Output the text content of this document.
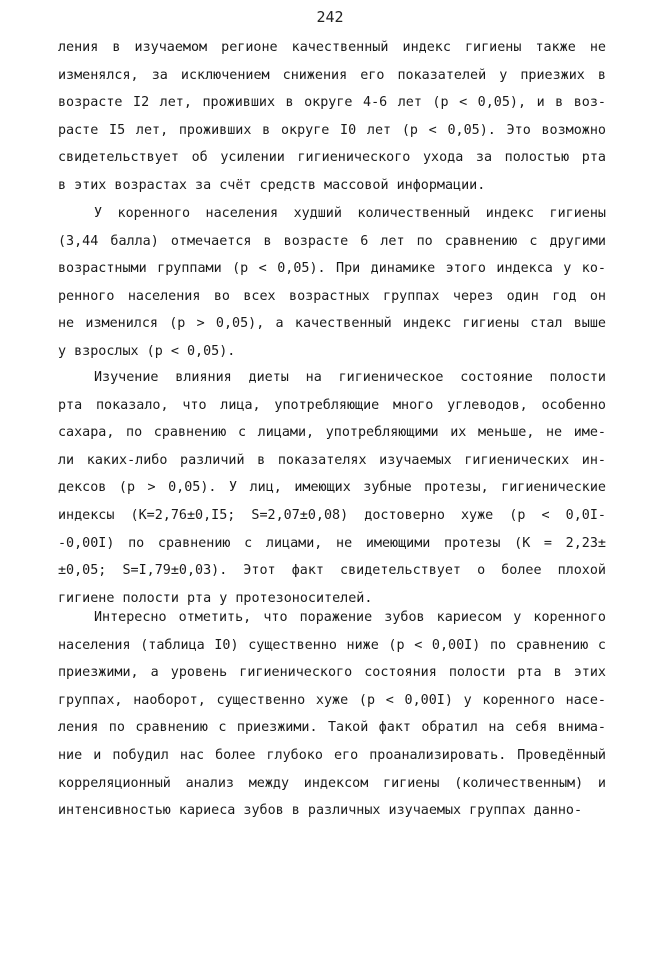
242
ления в изучаемом регионе качественный индекс гигиены также не
изменялся, за исключением снижения его показателей у приезжих в
возрасте I2 лет, проживших в округе 4-6 лет (p < 0,05), и в воз-
расте I5 лет, проживших в округе I0 лет (p < 0,05). Это возможно
свидетельствует об усилении гигиенического ухода за полостью рта
в этих возрастах за счёт средств массовой информации.
У коренного населения худший количественный индекс гигиены
(3,44 балла) отмечается в возрасте 6 лет по сравнению с другими
возрастными группами (p < 0,05). При динамике этого индекса у ко-
ренного населения во всех возрастных группах через один год он
не изменился (p > 0,05), а качественный индекс гигиены стал выше
у взрослых (p < 0,05).
Изучение влияния диеты на гигиеническое состояние полости
рта показало, что лица, употребляющие много углеводов, особенно
сахара, по сравнению с лицами, употребляющими их меньше, не име-
ли каких-либо различий в показателях изучаемых гигиенических ин-
дексов (p > 0,05). У лиц, имеющих зубные протезы, гигиенические
индексы (К=2,76±0,I5; S=2,07±0,08) достоверно хуже (p < 0,0I-
-0,00I) по сравнению с лицами, не имеющими протезы (К = 2,23±
±0,05; S=I,79±0,03). Этот факт свидетельствует о более плохой
гигиене полости рта у протезоносителей.
Интересно отметить, что поражение зубов кариесом у коренного
населения (таблица I0) существенно ниже (p < 0,00I) по сравнению с
приезжими, а уровень гигиенического состояния полости рта в этих
группах, наоборот, существенно хуже (p < 0,00I) у коренного насе-
ления по сравнению с приезжими. Такой факт обратил на себя внима-
ние и побудил нас более глубоко его проанализировать. Проведённый
корреляционный анализ между индексом гигиены (количественным) и
интенсивностью кариеса зубов в различных изучаемых группах данно-
